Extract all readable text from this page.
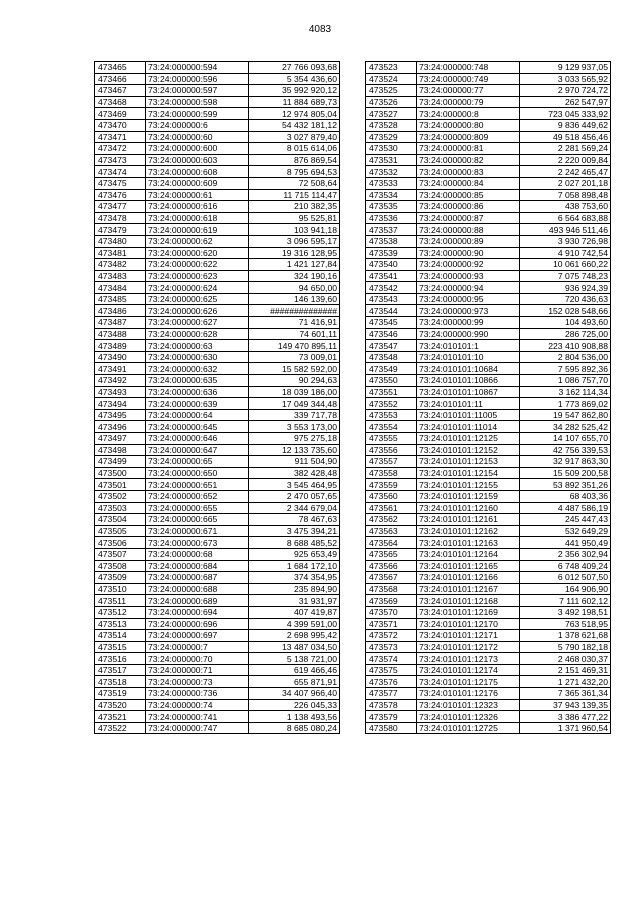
4083
473465	73:24:000000:594	27 766 093,68
473466	73:24:000000:596	5 354 436,60
473467	73:24:000000:597	35 992 920,12
473468	73:24:000000:598	11 884 689,73
473469	73:24:000000:599	12 974 805,04
473470	73:24:000000:6	54 432 181,12
473471	73:24:000000:60	3 027 879,40
473472	73:24:000000:600	8 015 614,06
473473	73:24:000000:603	876 869,54
473474	73:24:000000:608	8 795 694,53
473475	73:24:000000:609	72 508,64
473476	73:24:000000:61	11 715 114,47
473477	73:24:000000:616	210 382,35
473478	73:24:000000:618	95 525,81
473479	73:24:000000:619	103 941,18
473480	73:24:000000:62	3 096 595,17
473481	73:24:000000:620	19 316 128,95
473482	73:24:000000:622	1 421 127,84
473483	73:24:000000:623	324 190,16
473484	73:24:000000:624	94 650,00
473485	73:24:000000:625	146 139,60
473486	73:24:000000:626	##############
473487	73:24:000000:627	71 416,91
473488	73:24:000000:628	74 601,11
473489	73:24:000000:63	149 470 895,11
473490	73:24:000000:630	73 009,01
473491	73:24:000000:632	15 582 592,00
473492	73:24:000000:635	90 294,63
473493	73:24:000000:636	18 039 186,00
473494	73:24:000000:639	17 049 344,48
473495	73:24:000000:64	339 717,78
473496	73:24:000000:645	3 553 173,00
473497	73:24:000000:646	975 275,18
473498	73:24:000000:647	12 133 735,60
473499	73:24:000000:65	911 504,90
473500	73:24:000000:650	382 428,48
473501	73:24:000000:651	3 545 464,95
473502	73:24:000000:652	2 470 057,65
473503	73:24:000000:655	2 344 679,04
473504	73:24:000000:665	78 467,63
473505	73:24:000000:671	3 475 394,21
473506	73:24:000000:673	8 688 485,52
473507	73:24:000000:68	925 653,49
473508	73:24:000000:684	1 684 172,10
473509	73:24:000000:687	374 354,95
473510	73:24:000000:688	235 894,90
473511	73:24:000000:689	31 931,97
473512	73:24:000000:694	407 419,87
473513	73:24:000000:696	4 399 591,00
473514	73:24:000000:697	2 698 995,42
473515	73:24:000000:7	13 487 034,50
473516	73:24:000000:70	5 138 721,00
473517	73:24:000000:71	619 466,46
473518	73:24:000000:73	655 871,91
473519	73:24:000000:736	34 407 966,40
473520	73:24:000000:74	226 045,33
473521	73:24:000000:741	1 138 493,56
473522	73:24:000000:747	8 685 080,24
473523	73:24:000000:748	9 129 937,05
473524	73:24:000000:749	3 033 565,92
473525	73:24:000000:77	2 970 724,72
473526	73:24:000000:79	262 547,97
473527	73:24:000000:8	723 045 333,92
473528	73:24:000000:80	9 836 449,62
473529	73:24:000000:809	49 518 456,46
473530	73:24:000000:81	2 281 569,24
473531	73:24:000000:82	2 220 009,84
473532	73:24:000000:83	2 242 465,47
473533	73:24:000000:84	2 027 201,18
473534	73:24:000000:85	7 058 898,48
473535	73:24:000000:86	438 753,60
473536	73:24:000000:87	6 564 683,88
473537	73:24:000000:88	493 946 511,46
473538	73:24:000000:89	3 930 726,98
473539	73:24:000000:90	4 910 742,54
473540	73:24:000000:92	10 061 660,22
473541	73:24:000000:93	7 075 748,23
473542	73:24:000000:94	936 924,39
473543	73:24:000000:95	720 436,63
473544	73:24:000000:973	152 028 548,66
473545	73:24:000000:99	104 493,60
473546	73:24:000000:990	286 725,00
473547	73:24:010101:1	223 410 908,88
473548	73:24:010101:10	2 804 536,00
473549	73:24:010101:10684	7 595 892,36
473550	73:24:010101:10866	1 086 757,70
473551	73:24:010101:10867	3 162 114,34
473552	73:24:010101:11	1 773 869,02
473553	73:24:010101:11005	19 547 862,80
473554	73:24:010101:11014	34 282 525,42
473555	73:24:010101:12125	14 107 655,70
473556	73:24:010101:12152	42 756 339,53
473557	73:24:010101:12153	32 917 863,30
473558	73:24:010101:12154	15 509 200,58
473559	73:24:010101:12155	53 892 351,26
473560	73:24:010101:12159	68 403,36
473561	73:24:010101:12160	4 487 586,19
473562	73:24:010101:12161	245 447,43
473563	73:24:010101:12162	532 649,29
473564	73:24:010101:12163	441 950,49
473565	73:24:010101:12164	2 356 302,94
473566	73:24:010101:12165	6 748 409,24
473567	73:24:010101:12166	6 012 507,50
473568	73:24:010101:12167	164 906,90
473569	73:24:010101:12168	7 111 602,12
473570	73:24:010101:12169	3 492 198,51
473571	73:24:010101:12170	763 518,95
473572	73:24:010101:12171	1 378 621,68
473573	73:24:010101:12172	5 790 182,18
473574	73:24:010101:12173	2 468 030,37
473575	73:24:010101:12174	2 151 469,31
473576	73:24:010101:12175	1 271 432,20
473577	73:24:010101:12176	7 365 361,34
473578	73:24:010101:12323	37 943 139,35
473579	73:24:010101:12326	3 386 477,22
473580	73:24:010101:12725	1 371 960,54
